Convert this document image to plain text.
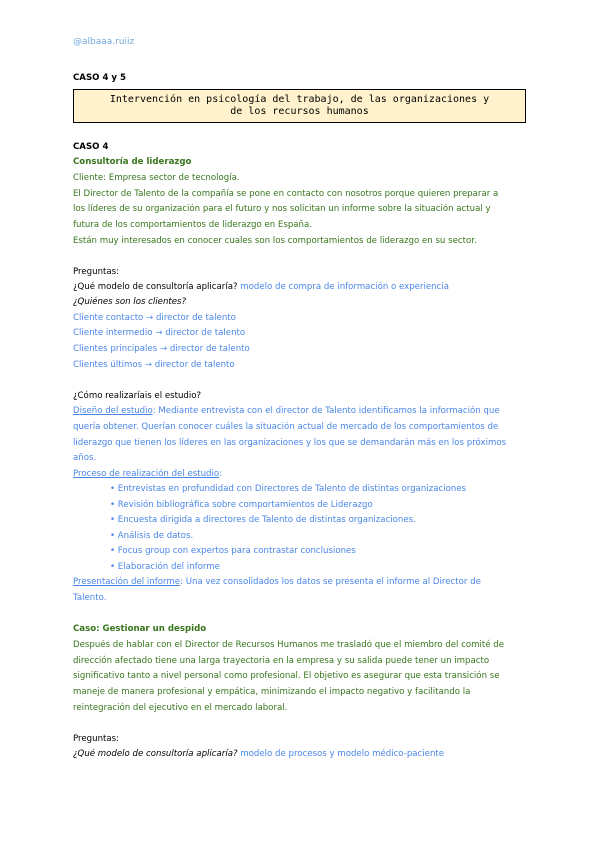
@albaaa.ruiiz
CASO 4 y 5
Intervención en psicología del trabajo, de las organizaciones y
de los recursos humanos
CASO 4
Consultoría de liderazgo
Cliente: Empresa sector de tecnología.
El Director de Talento de la compañía se pone en contacto con nosotros porque quieren preparar a
los líderes de su organización para el futuro y nos solicitan un informe sobre la situación actual y
futura de los comportamientos de liderazgo en España.
Están muy interesados en conocer cuales son los comportamientos de liderazgo en su sector.
Preguntas:
¿Qué modelo de consultoría aplicaría? modelo de compra de información o experiencia
¿Quiénes son los clientes?
Cliente contacto → director de talento
Cliente intermedio → director de talento
Clientes principales → director de talento
Clientes últimos → director de talento
¿Cómo realizaríais el estudio?
Diseño del estudio: Mediante entrevista con el director de Talento identificamos la información que
quería obtener. Querían conocer cuáles la situación actual de mercado de los comportamientos de
liderazgo que tienen los líderes en las organizaciones y los que se demandarán más en los próximos
años.
Proceso de realización del estudio:
• Entrevistas en profundidad con Directores de Talento de distintas organizaciones
• Revisión bibliográfica sobre comportamientos de Liderazgo
• Encuesta dirigida a directores de Talento de distintas organizaciones.
• Análisis de datos.
• Focus group con expertos para contrastar conclusiones
• Elaboración del informe
Presentación del informe: Una vez consolidados los datos se presenta el informe al Director de
Talento.
Caso: Gestionar un despido
Después de hablar con el Director de Recursos Humanos me trasladó que el miembro del comité de
dirección afectado tiene una larga trayectoria en la empresa y su salida puede tener un impacto
significativo tanto a nivel personal como profesional. El objetivo es asegurar que esta transición se
maneje de manera profesional y empática, minimizando el impacto negativo y facilitando la
reintegración del ejecutivo en el mercado laboral.
Preguntas:
¿Qué modelo de consultoría aplicaría? modelo de procesos y modelo médico-paciente
